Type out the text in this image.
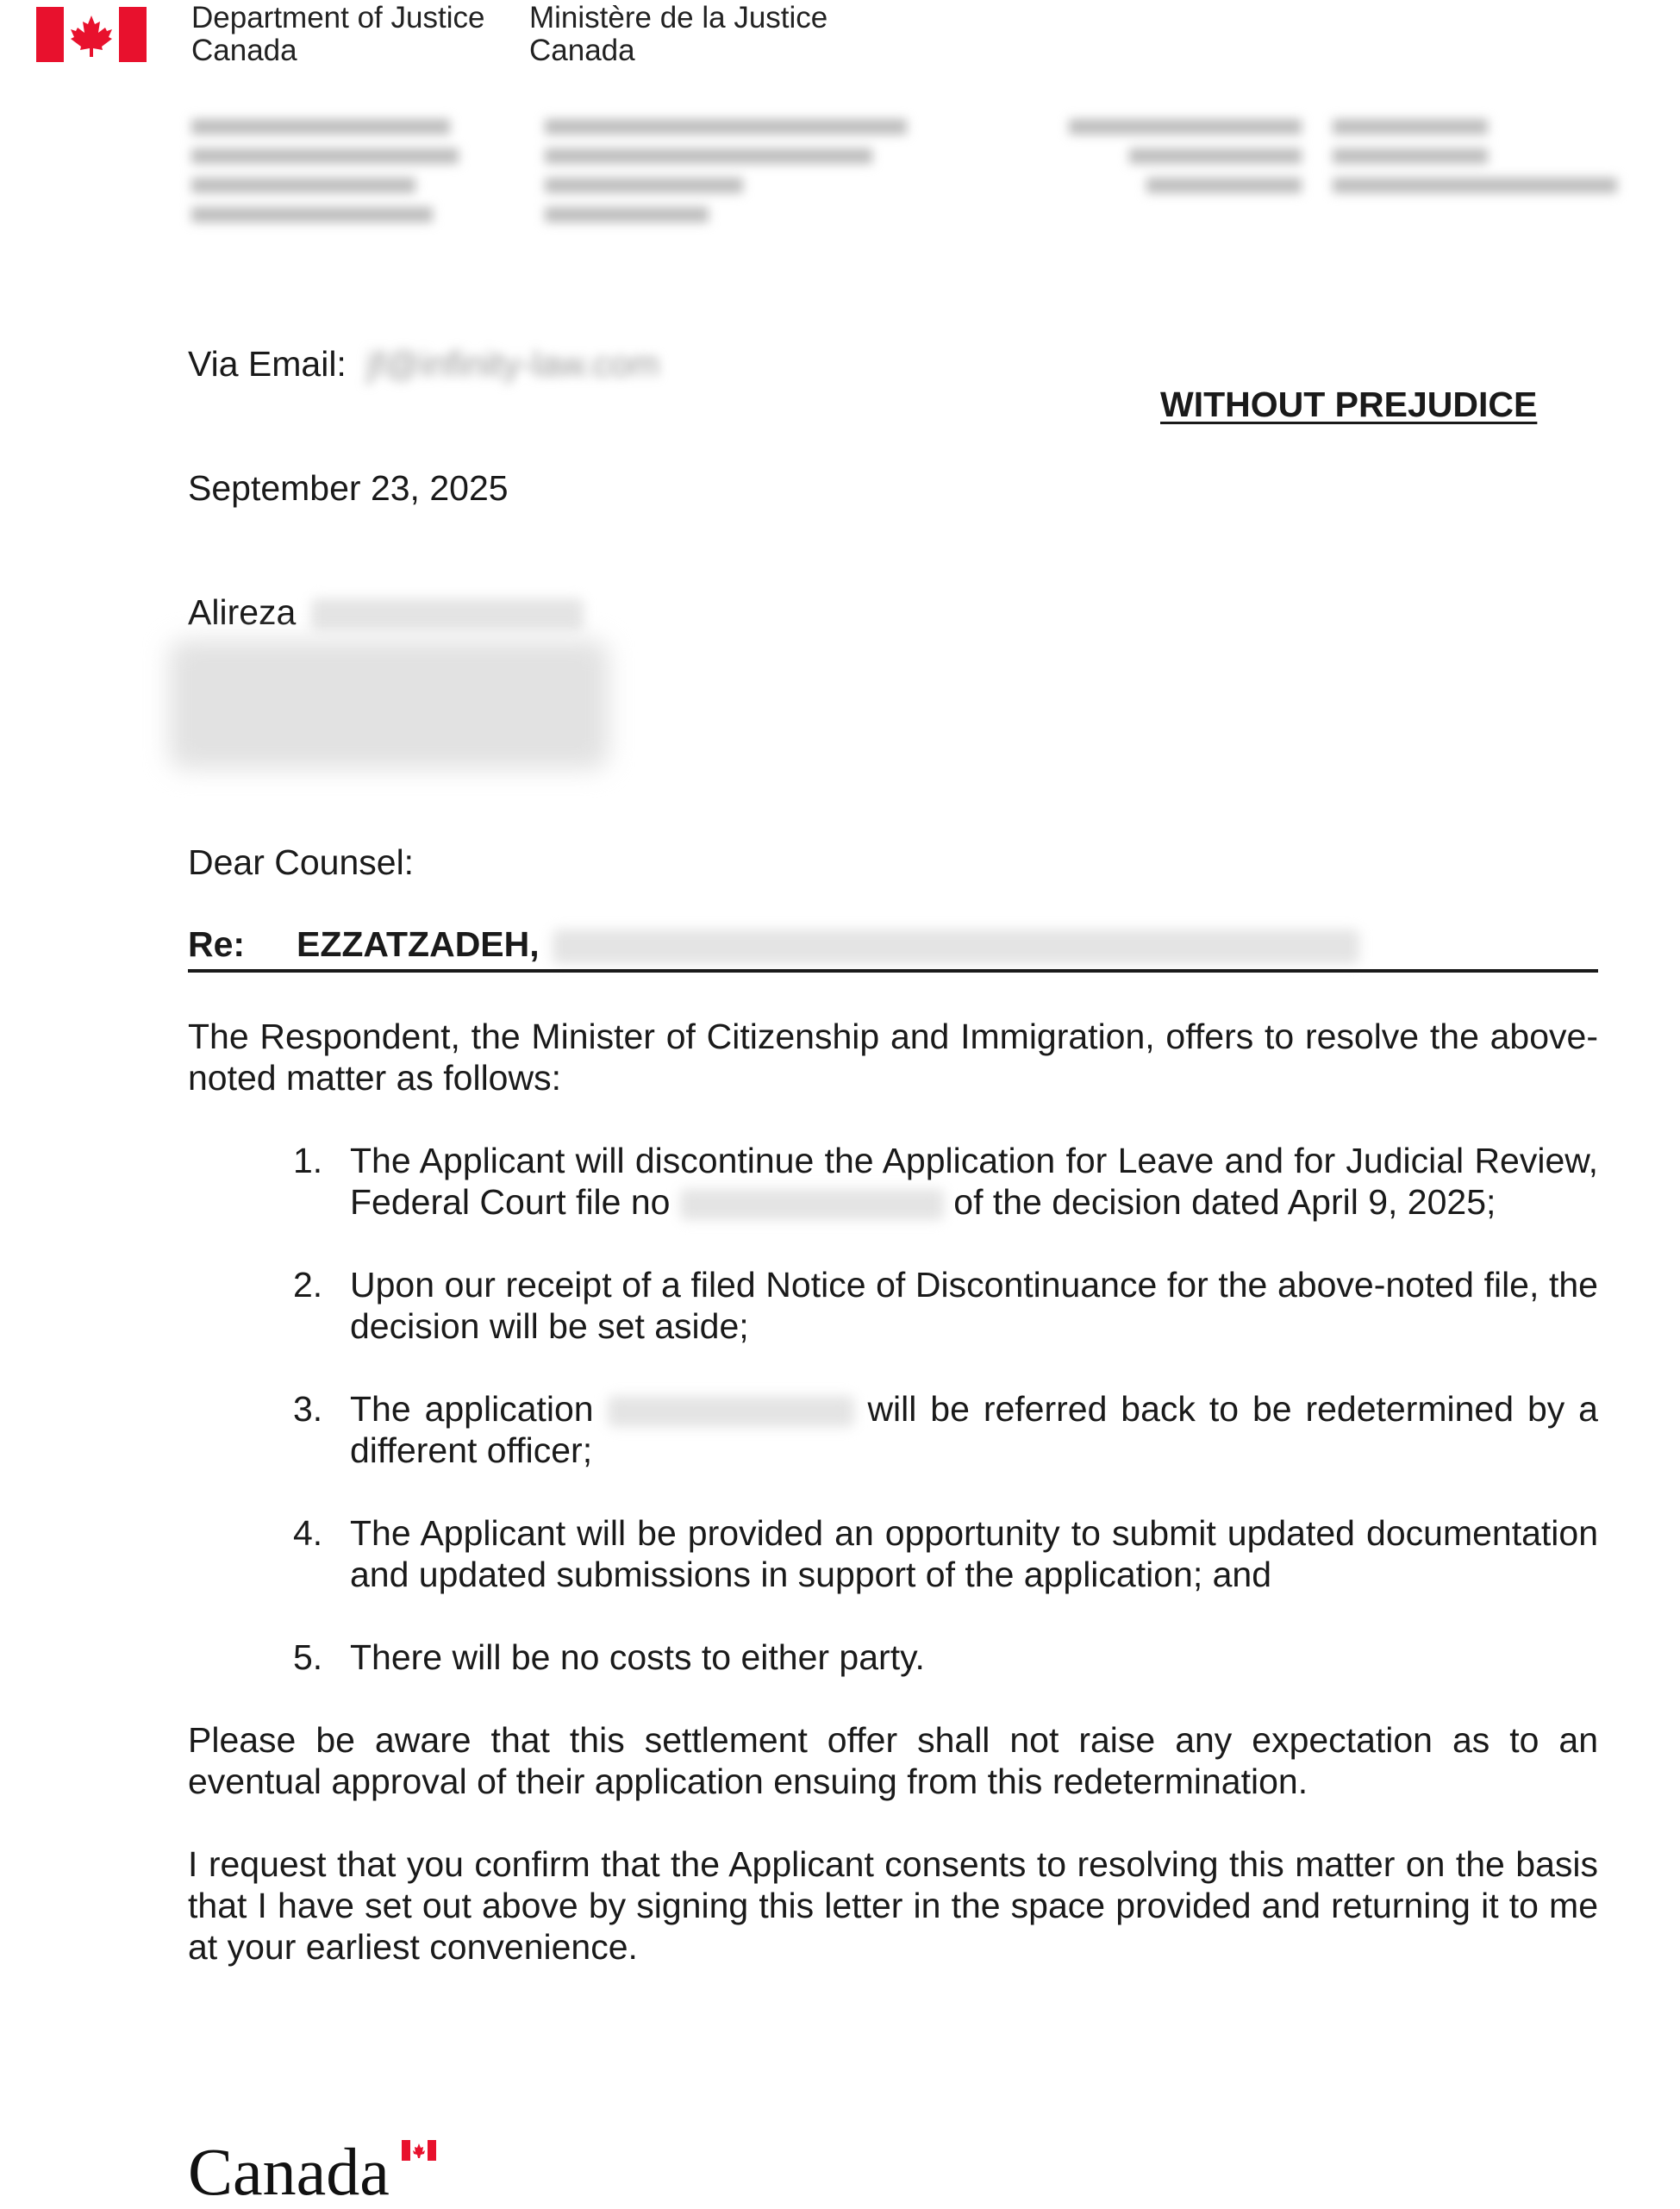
Department of Justice
Canada
Ministère de la Justice
Canada
Via Email: jf@infinity-law.com
WITHOUT PREJUDICE
September 23, 2025
Alireza
Dear Counsel:
Re: EZZATZADEH,
The Respondent, the Minister of Citizenship and Immigration, offers to resolve the above-noted matter as follows:
1. The Applicant will discontinue the Application for Leave and for Judicial Review, Federal Court file no	of the decision dated April 9, 2025;
2. Upon our receipt of a filed Notice of Discontinuance for the above-noted file, the decision will be set aside;
3. The application	will be referred back to be redetermined by a different officer;
4. The Applicant will be provided an opportunity to submit updated documentation and updated submissions in support of the application; and
5. There will be no costs to either party.
Please be aware that this settlement offer shall not raise any expectation as to an eventual approval of their application ensuing from this redetermination.
I request that you confirm that the Applicant consents to resolving this matter on the basis that I have set out above by signing this letter in the space provided and returning it to me at your earliest convenience.
Canada
